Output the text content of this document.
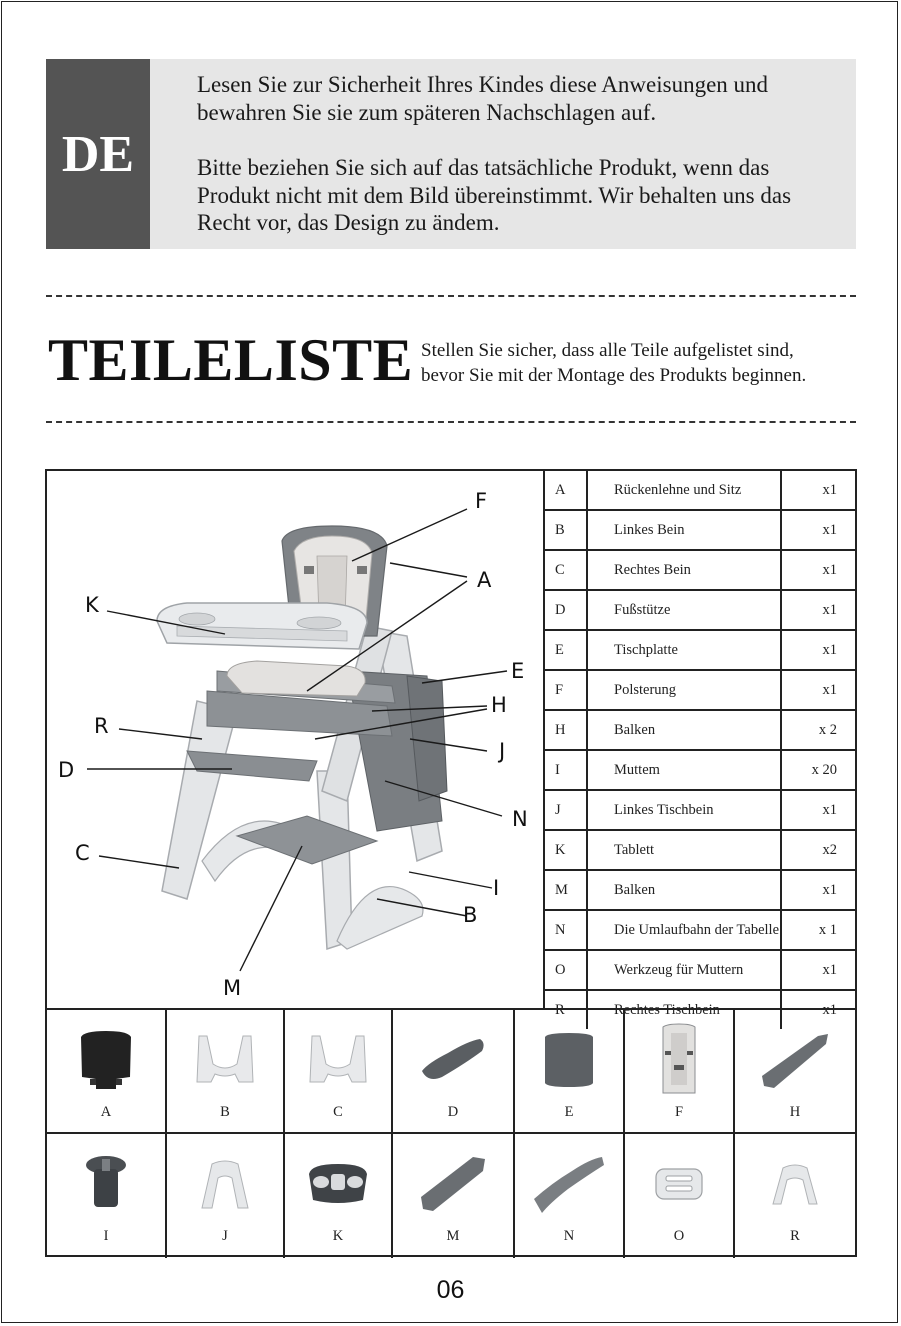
DE

Lesen Sie zur Sicherheit Ihres Kindes diese Anweisungen und
bewahren Sie sie zum späteren Nachschlagen auf.

Bitte beziehen Sie sich auf das tatsächliche Produkt, wenn das
Produkt nicht mit dem Bild übereinstimmt. Wir behalten uns das
Recht vor, das Design zu ändem.

TEILELISTE Stellen Sie sicher, dass alle Teile aufgelistet sind,
bevor Sie mit der Montage des Produkts beginnen.
F
A
K
E
H
R
J
D
N
C
I
B
M
A	Rückenlehne und Sitz	x1
B	Linkes Bein	x1
C	Rechtes Bein	x1
D	Fußstütze	x1
E	Tischplatte	x1
F	Polsterung	x1
H	Balken	x 2
I	Muttem	x 20
J	Linkes Tischbein	x1
K	Tablett	x2
M	Balken	x1
N	Die Umlaufbahn der Tabelle	x 1
O	Werkzeug für Muttern	x1
R	Rechtes Tischbein	x1
A	B	C	D	E	F	H
I	J	K	M	N	O	R
06
